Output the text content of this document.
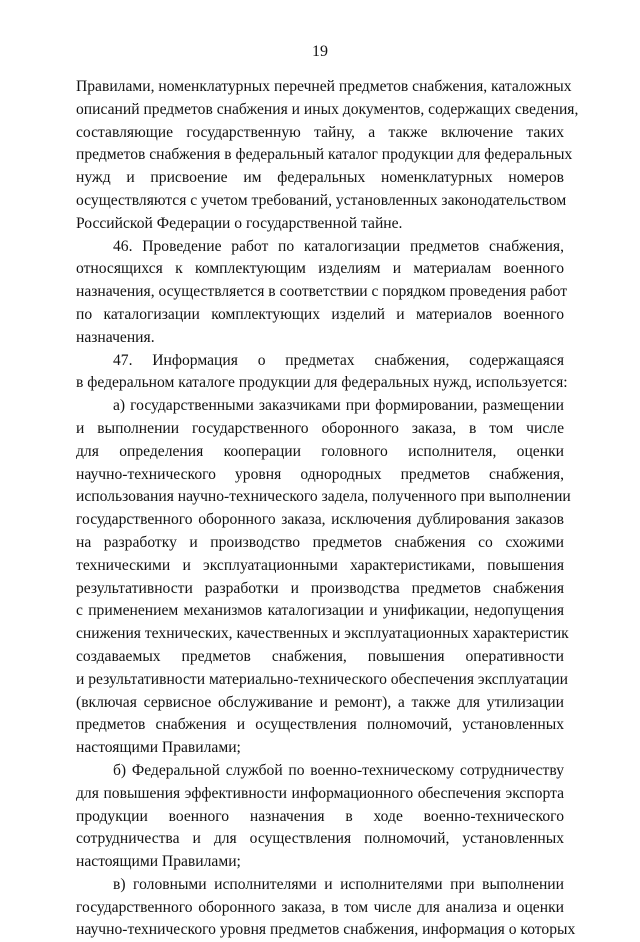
19
Правилами, номенклатурных перечней предметов снабжения, каталожных
описаний предметов снабжения и иных документов, содержащих сведения,
составляющие государственную тайну, а также включение таких
предметов снабжения в федеральный каталог продукции для федеральных
нужд и присвоение им федеральных номенклатурных номеров
осуществляются с учетом требований, установленных законодательством
Российской Федерации о государственной тайне.
46. Проведение работ по каталогизации предметов снабжения,
относящихся к комплектующим изделиям и материалам военного
назначения, осуществляется в соответствии с порядком проведения работ
по каталогизации комплектующих изделий и материалов военного
назначения.
47. Информация о предметах снабжения, содержащаяся
в федеральном каталоге продукции для федеральных нужд, используется:
а) государственными заказчиками при формировании, размещении
и выполнении государственного оборонного заказа, в том числе
для определения кооперации головного исполнителя, оценки
научно-технического уровня однородных предметов снабжения,
использования научно-технического задела, полученного при выполнении
государственного оборонного заказа, исключения дублирования заказов
на разработку и производство предметов снабжения со схожими
техническими и эксплуатационными характеристиками, повышения
результативности разработки и производства предметов снабжения
с применением механизмов каталогизации и унификации, недопущения
снижения технических, качественных и эксплуатационных характеристик
создаваемых предметов снабжения, повышения оперативности
и результативности материально-технического обеспечения эксплуатации
(включая сервисное обслуживание и ремонт), а также для утилизации
предметов снабжения и осуществления полномочий, установленных
настоящими Правилами;
б) Федеральной службой по военно-техническому сотрудничеству
для повышения эффективности информационного обеспечения экспорта
продукции военного назначения в ходе военно-технического
сотрудничества и для осуществления полномочий, установленных
настоящими Правилами;
в) головными исполнителями и исполнителями при выполнении
государственного оборонного заказа, в том числе для анализа и оценки
научно-технического уровня предметов снабжения, информация о которых
